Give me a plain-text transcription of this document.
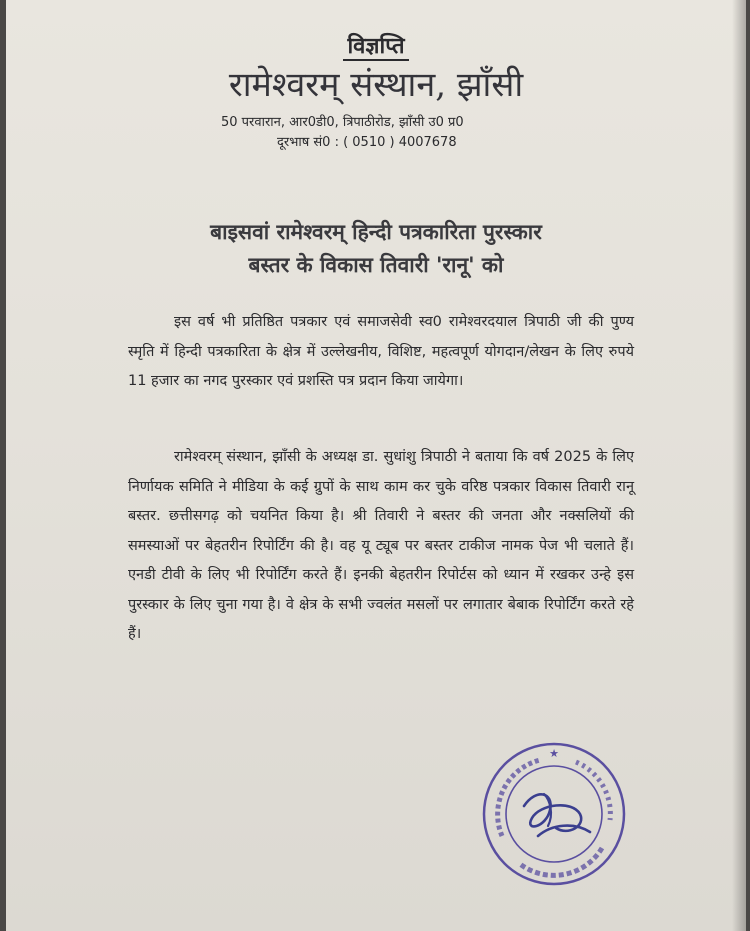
विज्ञप्ति
रामेश्वरम् संस्थान, झाँसी
50 परवारान, आर0डी0, त्रिपाठीरोड, झाँसी उ0 प्र0
दूरभाष सं0 : ( 0510 ) 4007678
बाइसवां रामेश्वरम् हिन्दी पत्रकारिता पुरस्कार
बस्तर के विकास तिवारी 'रानू' को
इस वर्ष भी प्रतिष्ठित पत्रकार एवं समाजसेवी स्व0 रामेश्वरदयाल त्रिपाठी जी की पुण्य स्मृति में हिन्दी पत्रकारिता के क्षेत्र में उल्लेखनीय, विशिष्ट, महत्वपूर्ण योगदान/लेखन के लिए रुपये 11 हजार का नगद पुरस्कार एवं प्रशस्ति पत्र प्रदान किया जायेगा।
रामेश्वरम् संस्थान, झाँसी के अध्यक्ष डा. सुधांशु त्रिपाठी ने बताया कि वर्ष 2025 के लिए निर्णायक समिति ने मीडिया के कई ग्रुपों के साथ काम कर चुके वरिष्ठ पत्रकार विकास तिवारी रानू बस्तर. छत्तीसगढ़ को चयनित किया है। श्री तिवारी ने बस्तर की जनता और नक्सलियों की समस्याओं पर बेहतरीन रिपोर्टिंग की है। वह यू ट्यूब पर बस्तर टाकीज नामक पेज भी चलाते हैं। एनडी टीवी के लिए भी रिपोर्टिंग करते हैं। इनकी बेहतरीन रिपोर्टस को ध्यान में रखकर उन्हे इस पुरस्कार के लिए चुना गया है। वे क्षेत्र के सभी ज्वलंत मसलों पर लगातार बेबाक रिपोर्टिंग करते रहे हैं।
★
